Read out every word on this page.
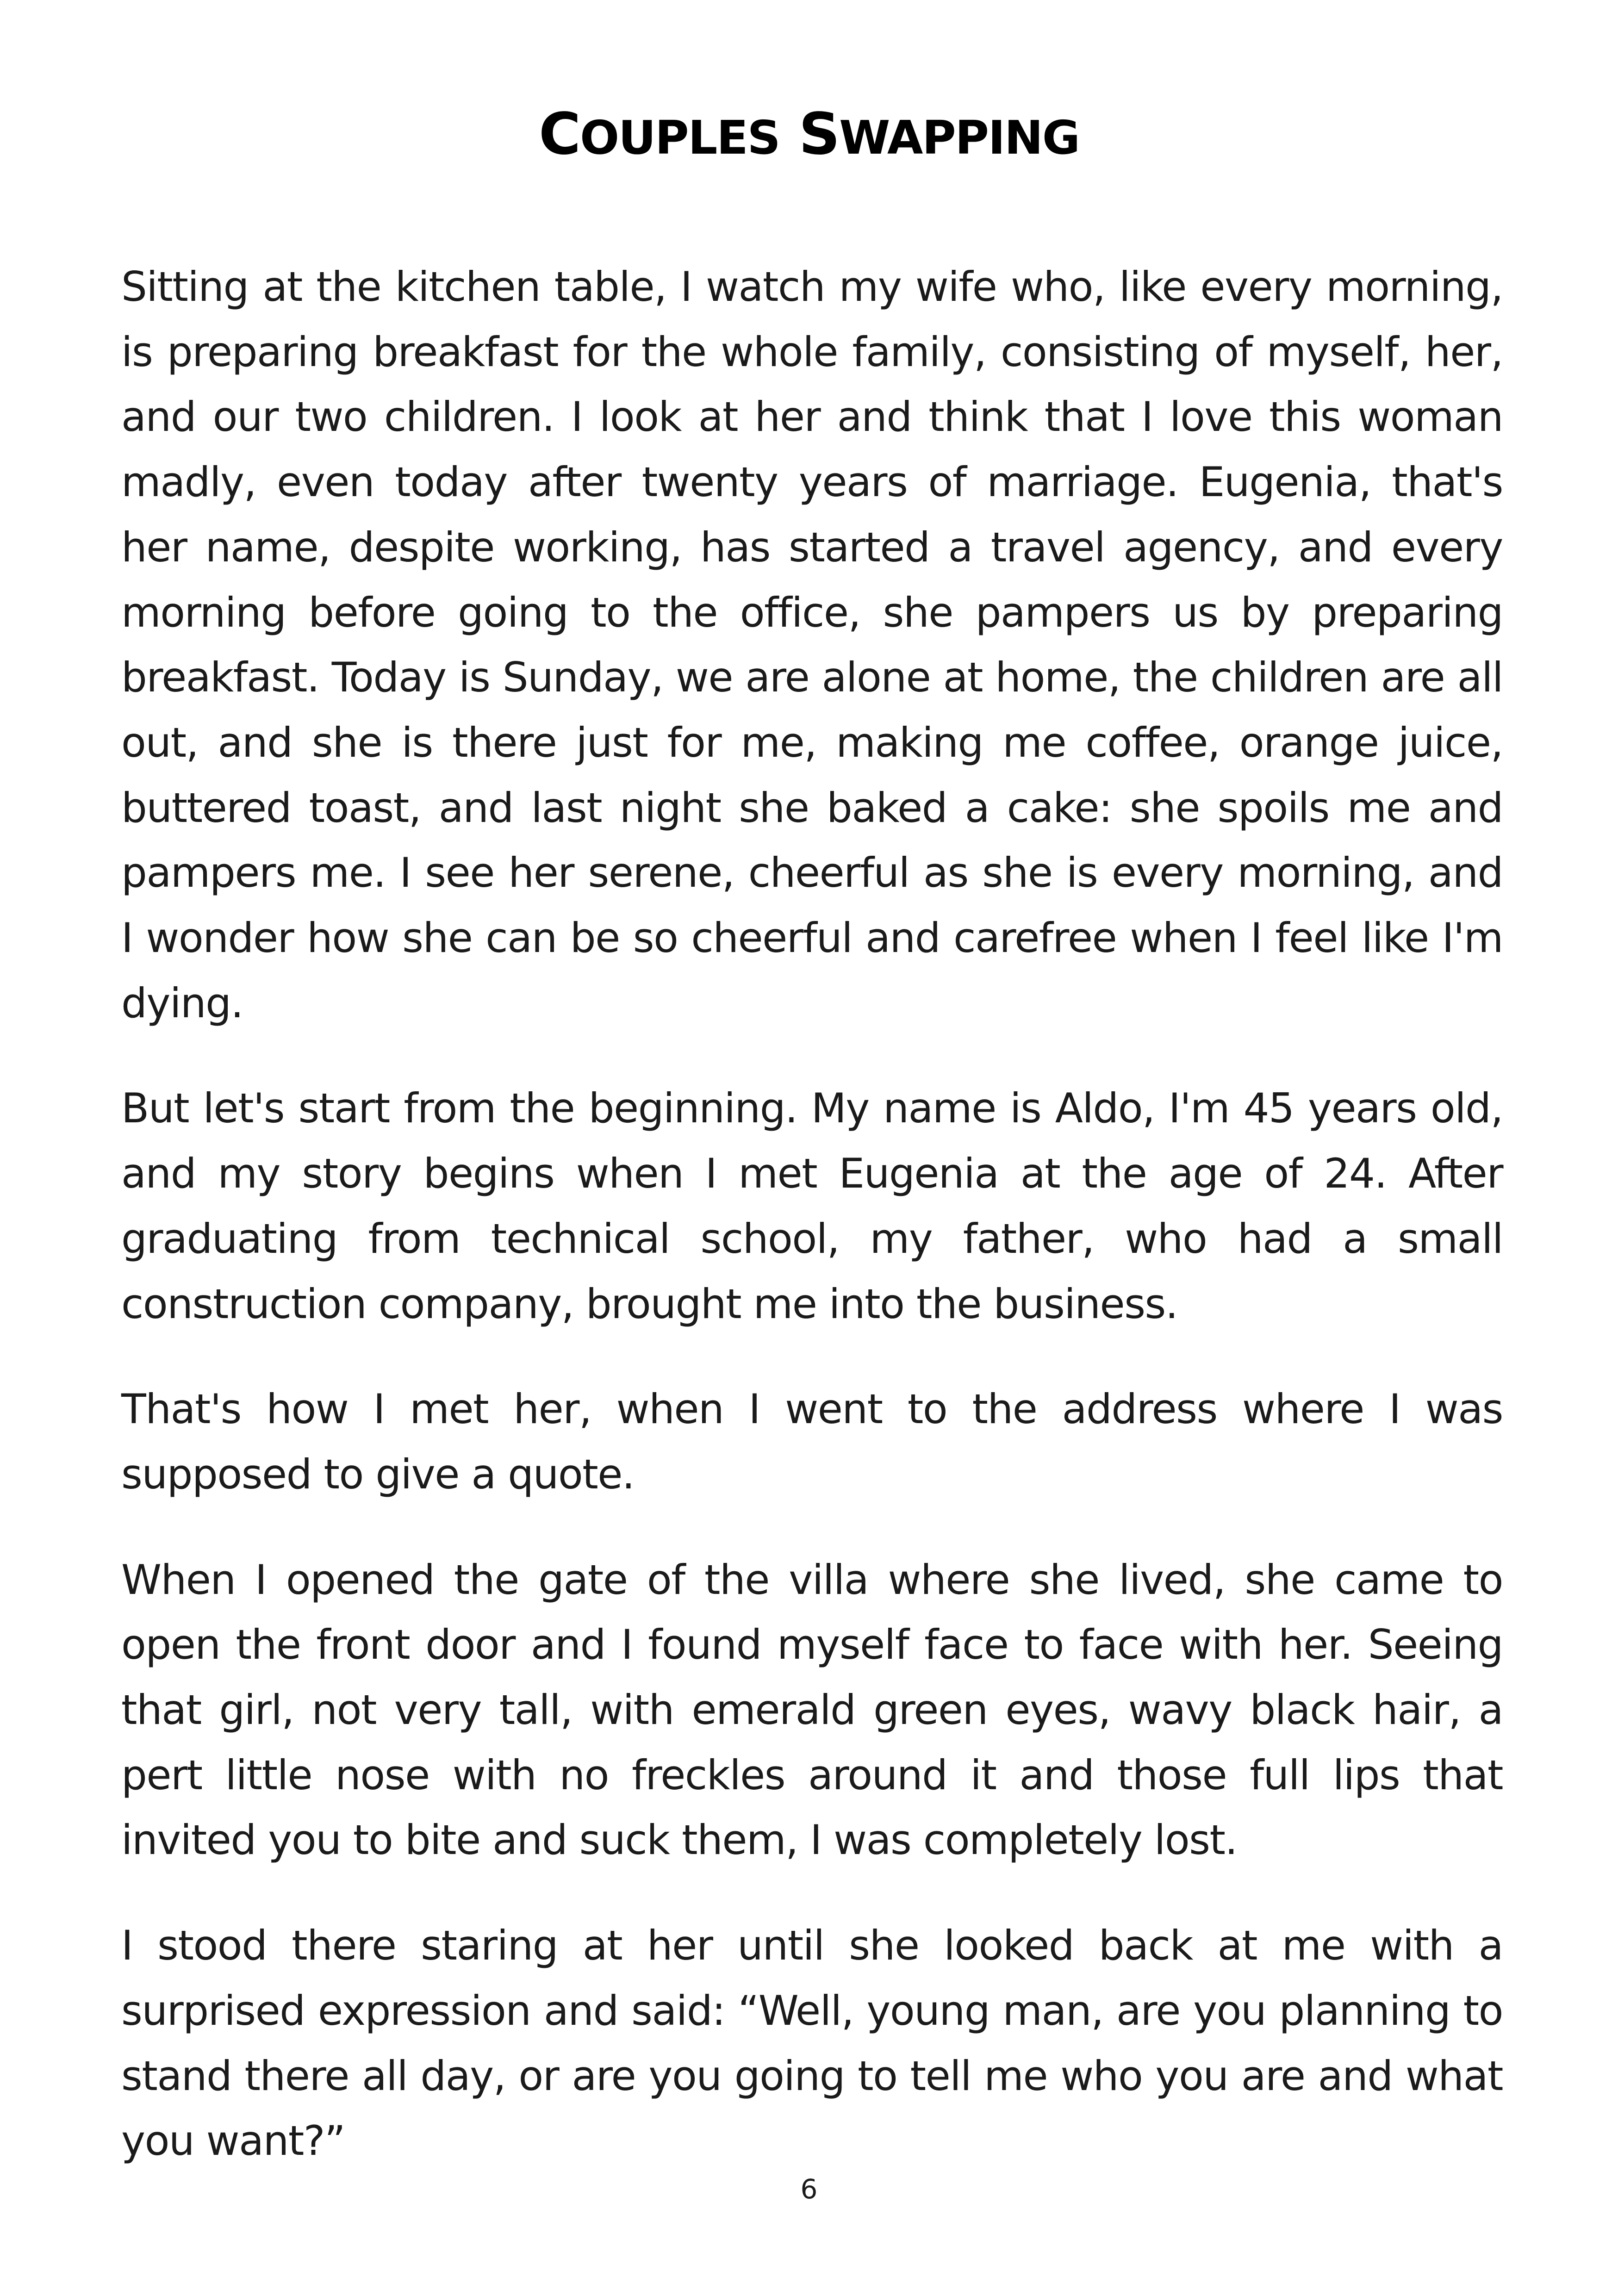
COUPLES SWAPPING

Sitting at the kitchen table, I watch my wife who, like every morning, is preparing breakfast for the whole family, consisting of myself, her, and our two children. I look at her and think that I love this woman madly, even today after twenty years of marriage. Eugenia, that's her name, despite working, has started a travel agency, and every morning before going to the office, she pampers us by preparing breakfast. Today is Sunday, we are alone at home, the children are all out, and she is there just for me, making me coffee, orange juice, buttered toast, and last night she baked a cake: she spoils me and pampers me. I see her serene, cheerful as she is every morning, and I wonder how she can be so cheerful and carefree when I feel like I'm dying.

But let's start from the beginning. My name is Aldo, I'm 45 years old, and my story begins when I met Eugenia at the age of 24. After graduating from technical school, my father, who had a small construction company, brought me into the business.

That's how I met her, when I went to the address where I was supposed to give a quote.

When I opened the gate of the villa where she lived, she came to open the front door and I found myself face to face with her. Seeing that girl, not very tall, with emerald green eyes, wavy black hair, a pert little nose with no freckles around it and those full lips that invited you to bite and suck them, I was completely lost.

I stood there staring at her until she looked back at me with a surprised expression and said: “Well, young man, are you planning to stand there all day, or are you going to tell me who you are and what you want?”

6
